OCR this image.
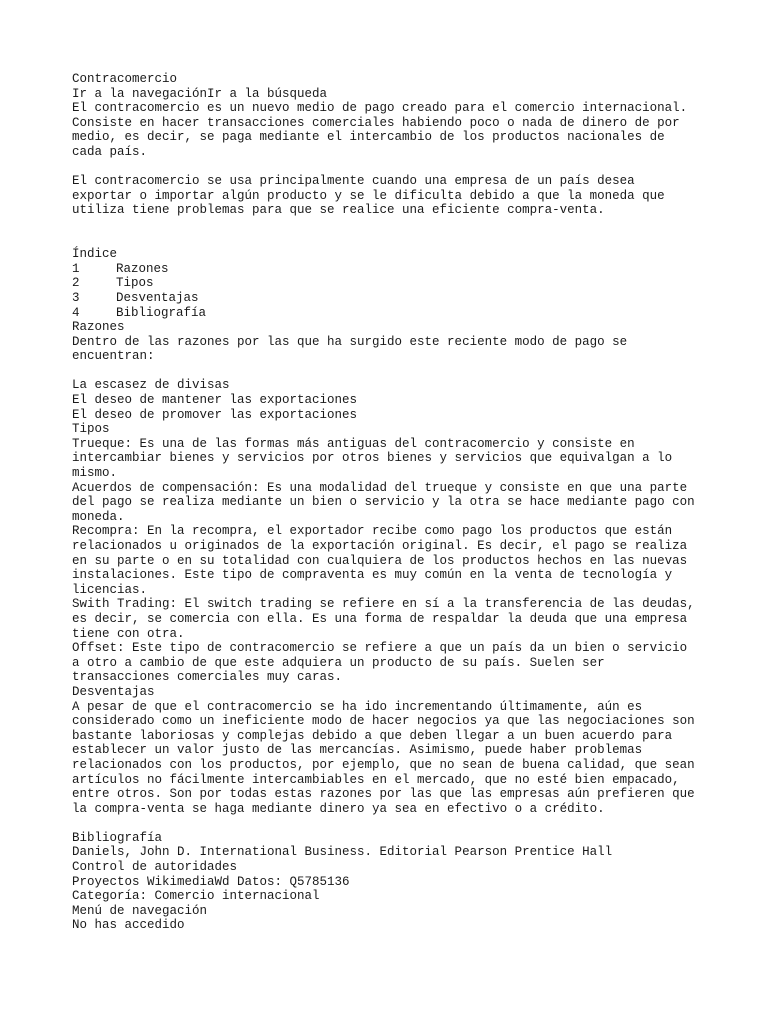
Contracomercio
Ir a la navegaciónIr a la búsqueda
El contracomercio es un nuevo medio de pago creado para el comercio internacional.
Consiste en hacer transacciones comerciales habiendo poco o nada de dinero de por
medio, es decir, se paga mediante el intercambio de los productos nacionales de
cada país.
El contracomercio se usa principalmente cuando una empresa de un país desea
exportar o importar algún producto y se le dificulta debido a que la moneda que
utiliza tiene problemas para que se realice una eficiente compra-venta.
Índice
1	Razones
2	Tipos
3	Desventajas
4	Bibliografía
Razones
Dentro de las razones por las que ha surgido este reciente modo de pago se
encuentran:
La escasez de divisas
El deseo de mantener las exportaciones
El deseo de promover las exportaciones
Tipos
Trueque: Es una de las formas más antiguas del contracomercio y consiste en
intercambiar bienes y servicios por otros bienes y servicios que equivalgan a lo
mismo.
Acuerdos de compensación: Es una modalidad del trueque y consiste en que una parte
del pago se realiza mediante un bien o servicio y la otra se hace mediante pago con
moneda.
Recompra: En la recompra, el exportador recibe como pago los productos que están
relacionados u originados de la exportación original. Es decir, el pago se realiza
en su parte o en su totalidad con cualquiera de los productos hechos en las nuevas
instalaciones. Este tipo de compraventa es muy común en la venta de tecnología y
licencias.
Swith Trading: El switch trading se refiere en sí a la transferencia de las deudas,
es decir, se comercia con ella. Es una forma de respaldar la deuda que una empresa
tiene con otra.
Offset: Este tipo de contracomercio se refiere a que un país da un bien o servicio
a otro a cambio de que este adquiera un producto de su país. Suelen ser
transacciones comerciales muy caras.
Desventajas
A pesar de que el contracomercio se ha ido incrementando últimamente, aún es
considerado como un ineficiente modo de hacer negocios ya que las negociaciones son
bastante laboriosas y complejas debido a que deben llegar a un buen acuerdo para
establecer un valor justo de las mercancías. Asimismo, puede haber problemas
relacionados con los productos, por ejemplo, que no sean de buena calidad, que sean
artículos no fácilmente intercambiables en el mercado, que no esté bien empacado,
entre otros. Son por todas estas razones por las que las empresas aún prefieren que
la compra-venta se haga mediante dinero ya sea en efectivo o a crédito.
Bibliografía
Daniels, John D. International Business. Editorial Pearson Prentice Hall
Control de autoridades
Proyectos WikimediaWd Datos: Q5785136
Categoría: Comercio internacional
Menú de navegación
No has accedido
